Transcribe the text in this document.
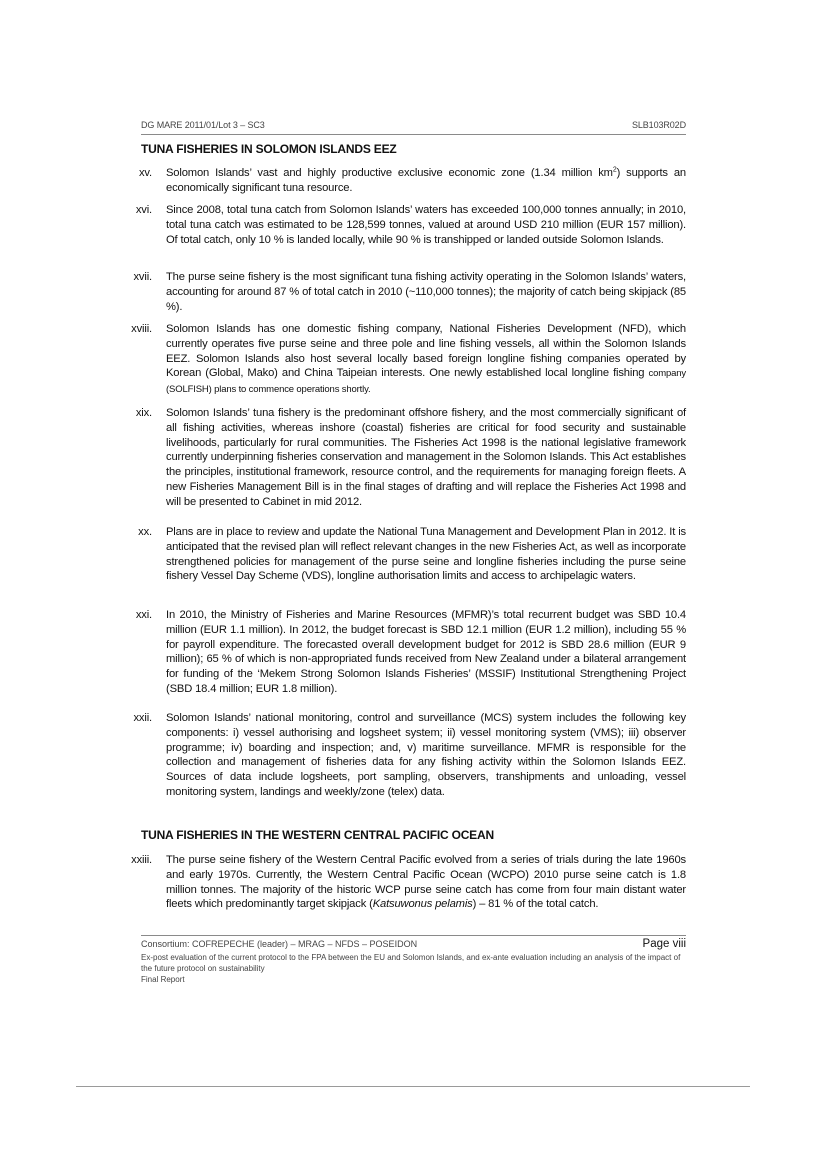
DG MARE 2011/01/Lot 3 – SC3	SLB103R02D
TUNA FISHERIES IN SOLOMON ISLANDS EEZ
xv. Solomon Islands’ vast and highly productive exclusive economic zone (1.34 million $km^2$) supports an economically significant tuna resource.
xvi. Since 2008, total tuna catch from Solomon Islands’ waters has exceeded 100,000 tonnes annually; in 2010, total tuna catch was estimated to be 128,599 tonnes, valued at around USD 210 million (EUR 157 million). Of total catch, only 10 % is landed locally, while 90 % is transhipped or landed outside Solomon Islands.
xvii. The purse seine fishery is the most significant tuna fishing activity operating in the Solomon Islands’ waters, accounting for around 87 % of total catch in 2010 (~110,000 tonnes); the majority of catch being skipjack (85 %).
xviii. Solomon Islands has one domestic fishing company, National Fisheries Development (NFD), which currently operates five purse seine and three pole and line fishing vessels, all within the Solomon Islands EEZ. Solomon Islands also host several locally based foreign longline fishing companies operated by Korean (Global, Mako) and China Taipeian interests. One newly established local longline fishing company (SOLFISH) plans to commence operations shortly.
xix. Solomon Islands’ tuna fishery is the predominant offshore fishery, and the most commercially significant of all fishing activities, whereas inshore (coastal) fisheries are critical for food security and sustainable livelihoods, particularly for rural communities. The Fisheries Act 1998 is the national legislative framework currently underpinning fisheries conservation and management in the Solomon Islands. This Act establishes the principles, institutional framework, resource control, and the requirements for managing foreign fleets. A new Fisheries Management Bill is in the final stages of drafting and will replace the Fisheries Act 1998 and will be presented to Cabinet in mid 2012.
xx. Plans are in place to review and update the National Tuna Management and Development Plan in 2012. It is anticipated that the revised plan will reflect relevant changes in the new Fisheries Act, as well as incorporate strengthened policies for management of the purse seine and longline fisheries including the purse seine fishery Vessel Day Scheme (VDS), longline authorisation limits and access to archipelagic waters.
xxi. In 2010, the Ministry of Fisheries and Marine Resources (MFMR)’s total recurrent budget was SBD 10.4 million (EUR 1.1 million). In 2012, the budget forecast is SBD 12.1 million (EUR 1.2 million), including 55 % for payroll expenditure. The forecasted overall development budget for 2012 is SBD 28.6 million (EUR 9 million); 65 % of which is non-appropriated funds received from New Zealand under a bilateral arrangement for funding of the ‘Mekem Strong Solomon Islands Fisheries’ (MSSIF) Institutional Strengthening Project (SBD 18.4 million; EUR 1.8 million).
xxii. Solomon Islands’ national monitoring, control and surveillance (MCS) system includes the following key components: i) vessel authorising and logsheet system; ii) vessel monitoring system (VMS); iii) observer programme; iv) boarding and inspection; and, v) maritime surveillance. MFMR is responsible for the collection and management of fisheries data for any fishing activity within the Solomon Islands EEZ. Sources of data include logsheets, port sampling, observers, transhipments and unloading, vessel monitoring system, landings and weekly/zone (telex) data.
TUNA FISHERIES IN THE WESTERN CENTRAL PACIFIC OCEAN
xxiii. The purse seine fishery of the Western Central Pacific evolved from a series of trials during the late 1960s and early 1970s. Currently, the Western Central Pacific Ocean (WCPO) 2010 purse seine catch is 1.8 million tonnes. The majority of the historic WCP purse seine catch has come from four main distant water fleets which predominantly target skipjack (Katsuwonus pelamis) – 81 % of the total catch.
Consortium: COFREPECHE (leader) – MRAG – NFDS – POSEIDON	Page viii
Ex-post evaluation of the current protocol to the FPA between the EU and Solomon Islands, and ex-ante evaluation including an analysis of the impact of the future protocol on sustainability
Final Report
